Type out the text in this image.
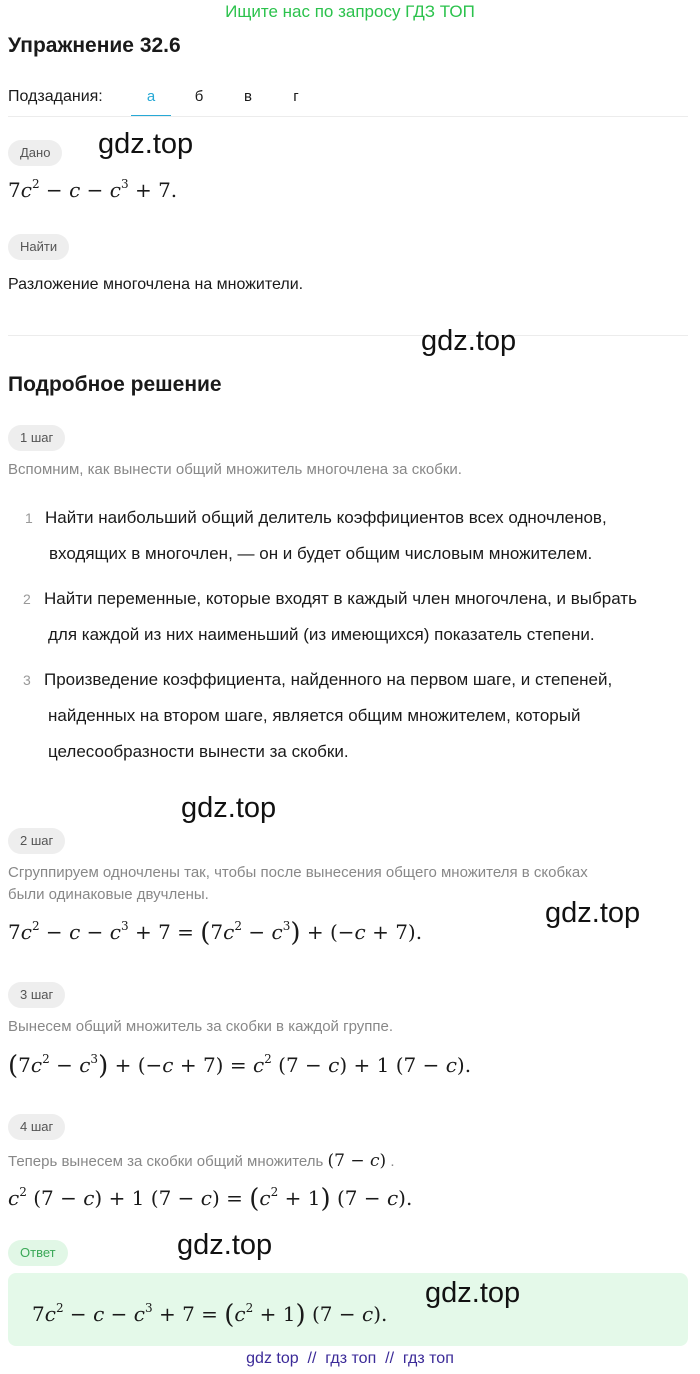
Ищите нас по запросу ГДЗ ТОП
Упражнение 32.6
Подзадания:	а	б	в	г
Дано	gdz.top
$7c^2 - c - c^3 + 7$.
Найти
Разложение многочлена на множители.
gdz.top
Подробное решение
1 шаг
Вспомним, как вынести общий множитель многочлена за скобки.
1 Найти наибольший общий делитель коэффициентов всех одночленов,
входящих в многочлен, — он и будет общим числовым множителем.
2 Найти переменные, которые входят в каждый член многочлена, и выбрать
для каждой из них наименьший (из имеющихся) показатель степени.
3 Произведение коэффициента, найденного на первом шаге, и степеней,
найденных на втором шаге, является общим множителем, который
целесообразности вынести за скобки.
gdz.top
2 шаг
Сгруппируем одночлены так, чтобы после вынесения общего множителя в скобках
были одинаковые двучлены.
gdz.top
$7c^2 - c - c^3 + 7 = (7c^2 - c^3) + (-c + 7)$.
3 шаг
Вынесем общий множитель за скобки в каждой группе.
$(7c^2 - c^3) + (-c + 7) = c^2$ (7 − c) + 1 (7 − c).
4 шаг
Теперь вынесем за скобки общий множитель (7 − c) .
$c^2$ (7 − c) + 1 $(7 - c) = (c^2 + 1) (7 - c)$.
Ответ	gdz.top
gdz.top
$7c^2 - c - c^3 + 7 = (c^2 + 1) (7 - c)$.
gdz top  //  гдз топ  //  гдз топ
